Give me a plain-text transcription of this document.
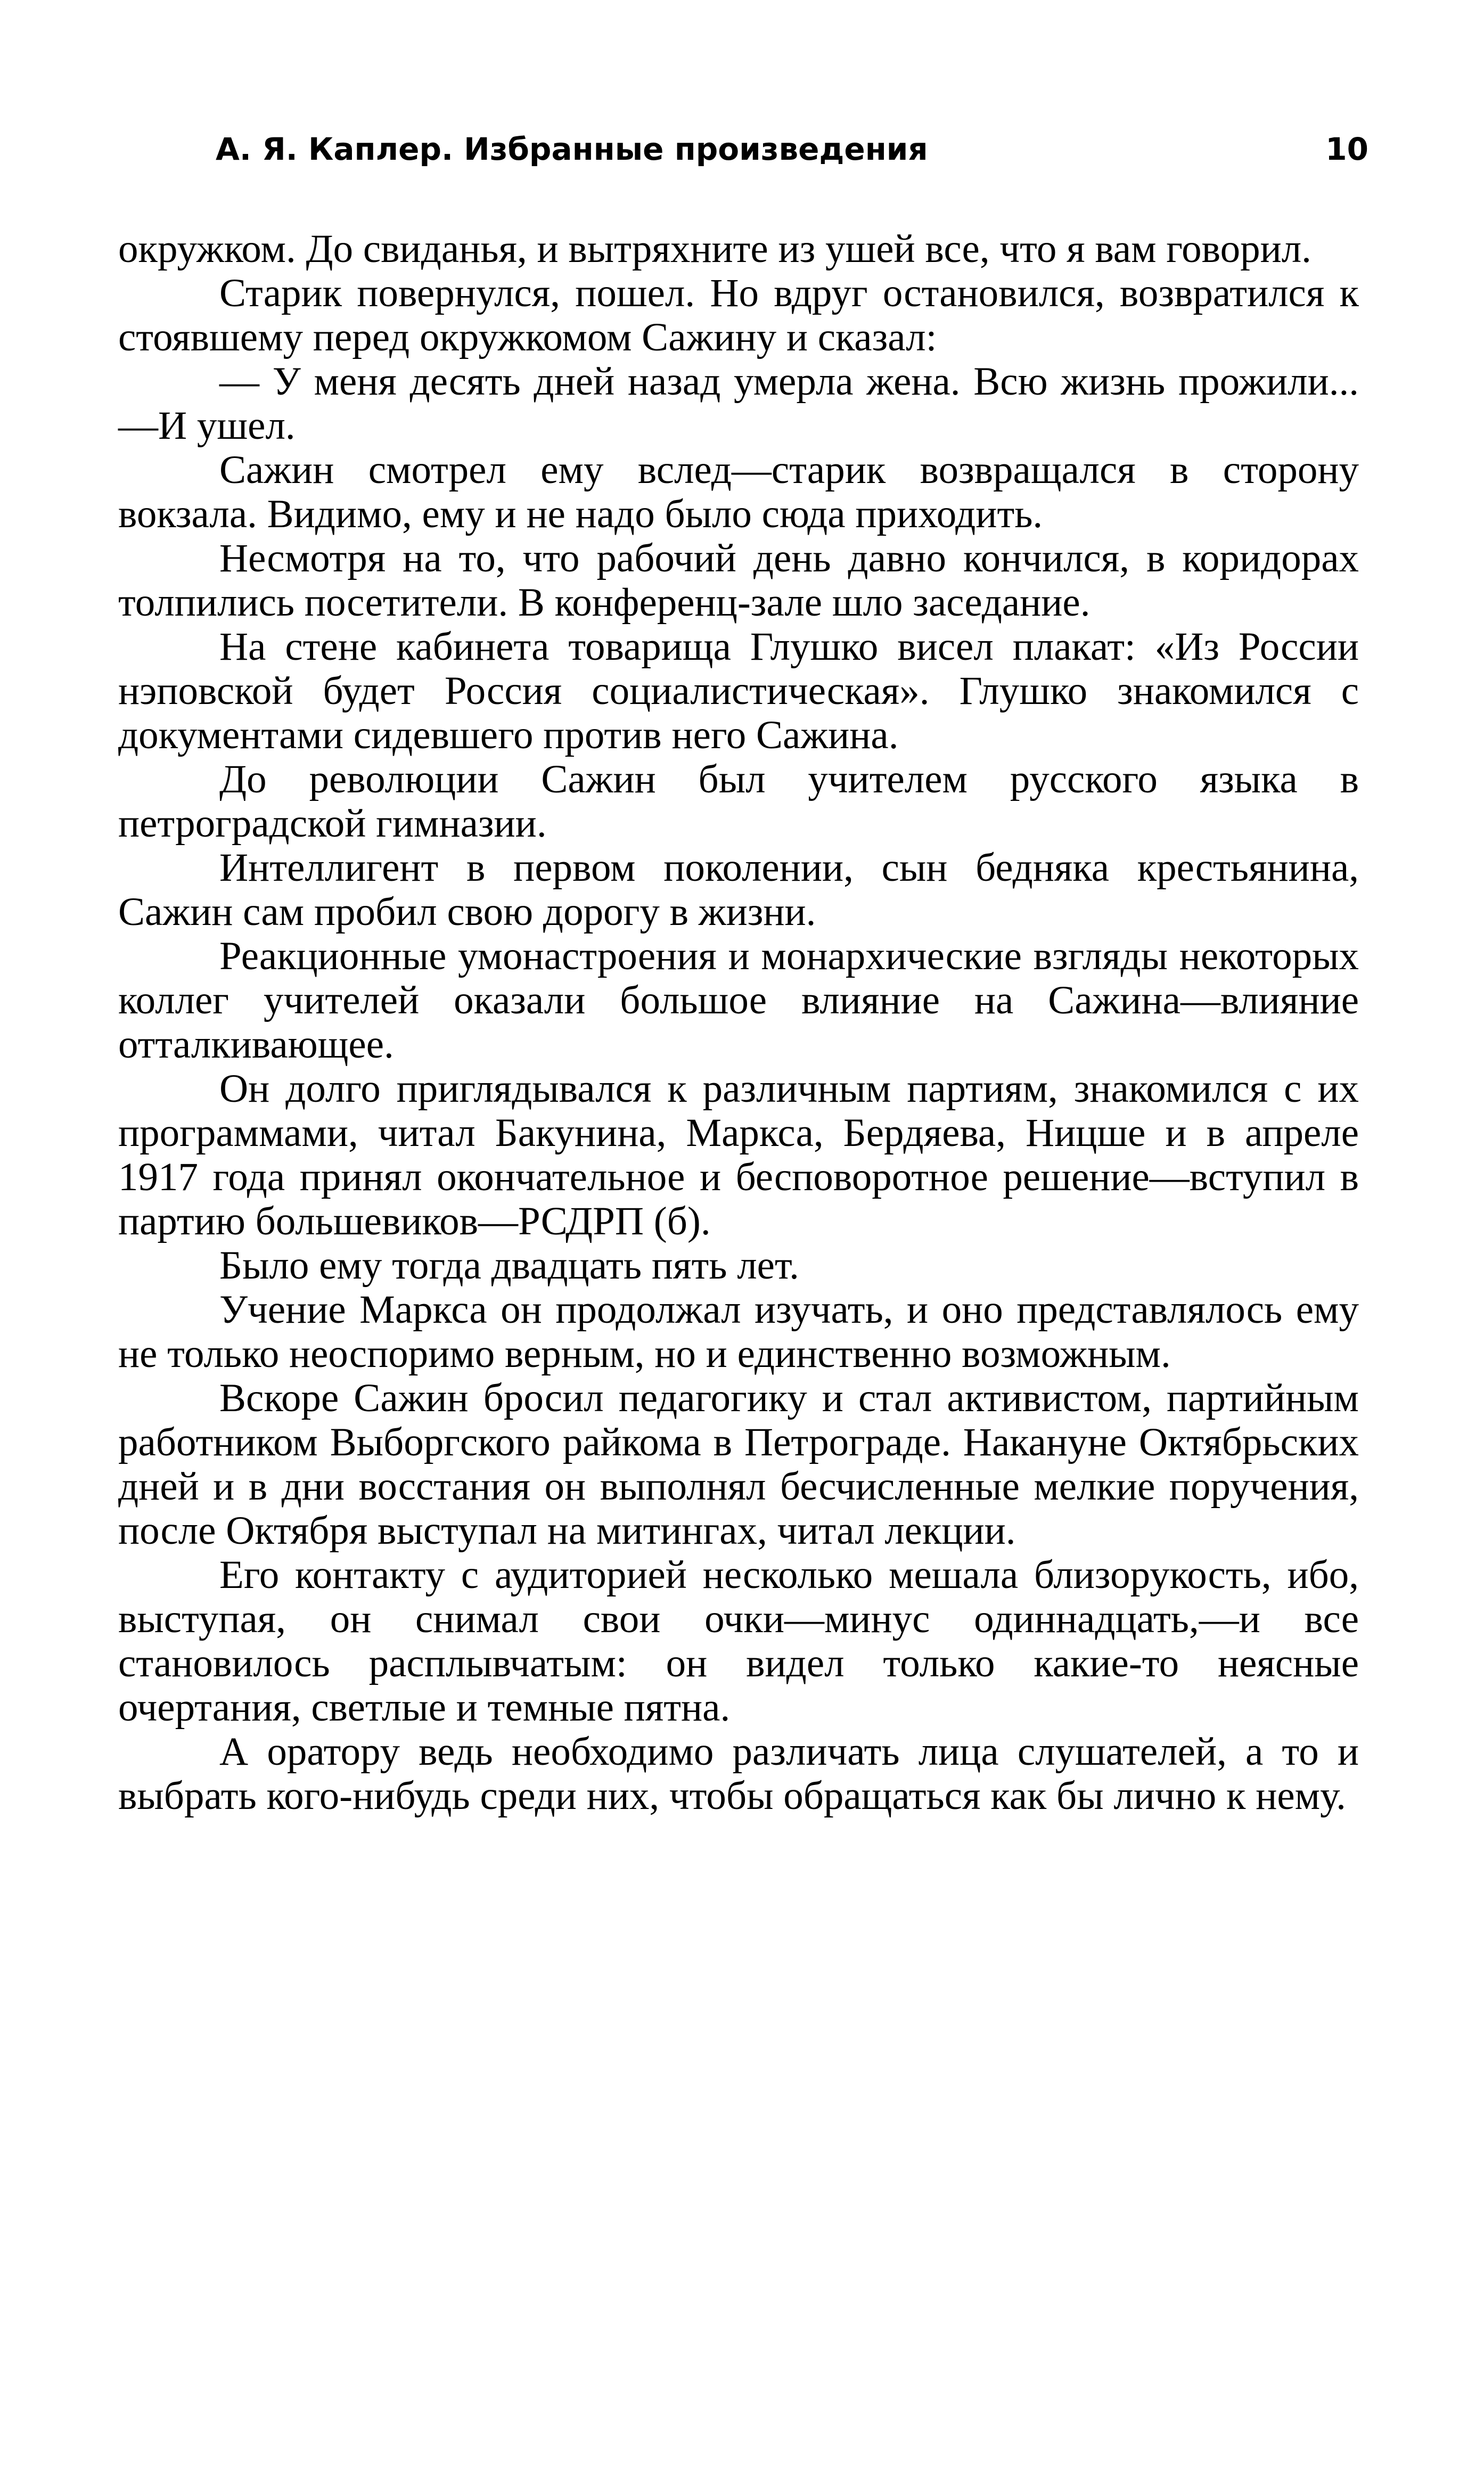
А. Я. Каплер. Избранные произведения	10

окружком. До свиданья, и вытряхните из ушей все, что я вам говорил.

Старик повернулся, пошел. Но вдруг остановился, возвратился к стоявшему перед окружкомом Сажину и сказал:

— У меня десять дней назад умерла жена. Всю жизнь прожили...—И ушел.

Сажин смотрел ему вслед—старик возвращался в сторону вокзала. Видимо, ему и не надо было сюда приходить.

Несмотря на то, что рабочий день давно кончился, в коридорах толпились посетители. В конференц-зале шло заседание.

На стене кабинета товарища Глушко висел плакат: «Из России нэповской будет Россия социалистическая». Глушко знакомился с документами сидевшего против него Сажина.

До революции Сажин был учителем русского языка в петроградской гимназии.

Интеллигент в первом поколении, сын бедняка крестьянина, Сажин сам пробил свою дорогу в жизни.

Реакционные умонастроения и монархические взгляды некоторых коллег учителей оказали большое влияние на Сажина—влияние отталкивающее.

Он долго приглядывался к различным партиям, знакомился с их программами, читал Бакунина, Маркса, Бердяева, Ницше и в апреле 1917 года принял окончательное и бесповоротное решение—вступил в партию большевиков—РСДРП (б).

Было ему тогда двадцать пять лет.

Учение Маркса он продолжал изучать, и оно представлялось ему не только неоспоримо верным, но и единственно возможным.

Вскоре Сажин бросил педагогику и стал активистом, партийным работником Выборгского райкома в Петрограде. Накануне Октябрьских дней и в дни восстания он выполнял бесчисленные мелкие поручения, после Октября выступал на митингах, читал лекции.

Его контакту с аудиторией несколько мешала близорукость, ибо, выступая, он снимал свои очки—минус одиннадцать,—и все становилось расплывчатым: он видел только какие-то неясные очертания, светлые и темные пятна.

А оратору ведь необходимо различать лица слушателей, а то и выбрать кого-нибудь среди них, чтобы обращаться как бы лично к нему.
